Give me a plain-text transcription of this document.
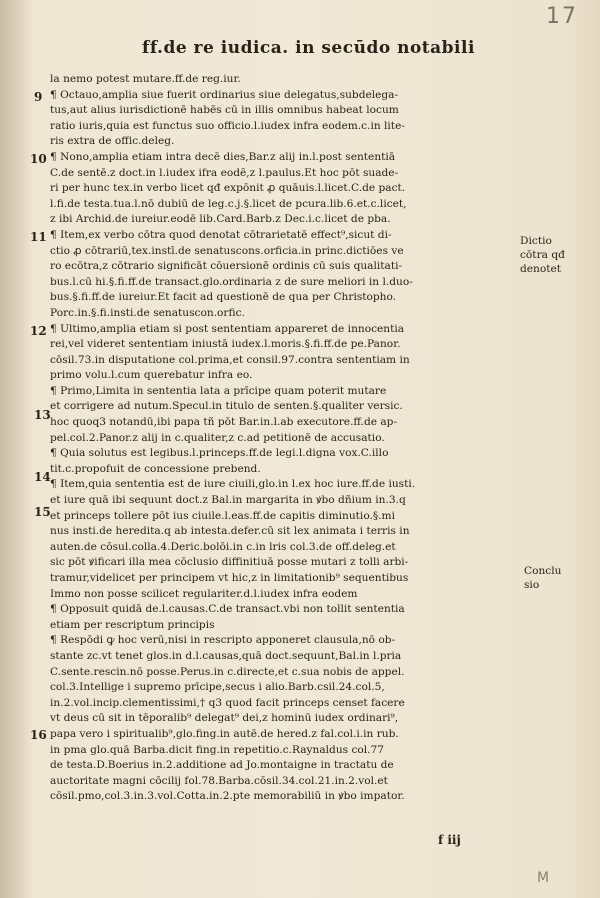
17
ff.de re iudica. in secūdo notabili
la nemo potest mutare.ff.de reg.iur.
¶ Octauo,amplia siue fuerit ordinarius siue delegatus,subdelega-
tus,aut alius iurisdictionē habēs cū in illis omnibus habeat locum
ratio iuris,quia est functus suo officio.l.iudex infra eodem.c.in lite-
ris extra de offic.deleg.
¶ Nono,amplia etiam intra decē dies,Bar.z alij in.l.post sententiā
C.de sentē.z doct.in l.iudex ifra eodē,z l.paulus.Et hoc pōt suade-
ri per hunc tex.in verbo licet qđ expōnit ꝓ quāuis.l.licet.C.de pact.
l.fi.de testa.tua.l.nō dubiū de leg.c.j.§.licet de pcura.lib.6.et.c.licet,
z ibi Archid.de iureiur.eodē lib.Card.Barb.z Dec.i.c.licet de pba.
¶ Item,ex verbo cōtra quod denotat cōtrarietatē effect⁹,sicut di-
ctio ꝓ cōtrariū,tex.instī.de senatuscons.orficia.in princ.dictiōes ve
ro ecōtra,z cōtrario significāt cōuersionē ordinis cū suis qualitati-
bus.l.cū hi.§.fi.ff.de transact.glo.ordinaria z de sure meliori in l.duo-
bus.§.fi.ff.de iureiur.Et facit ad questionē de qua per Christopho.
Porc.in.§.fi.insti.de senatuscon.orfic.
¶ Ultimo,amplia etiam si post sententiam appareret de innocentia
rei,vel videret sententiam iniustā iudex.l.moris.§.fi.ff.de pe.Panor.
cōsil.73.in disputatione col.prima,et consil.97.contra sententiam in
primo volu.l.cum querebatur infra eo.
¶ Primo,Limita in sententia lata a prīcipe quam poterit mutare
et corrigere ad nutum.Specul.in titulo de senten.§.qualiter versic.
hoc quoq3 notandū,ibi papa tñ pōt Bar.in.l.ab executore.ff.de ap-
pel.col.2.Panor.z alij in c.qualiter,z c.ad petitionē de accusatio.
¶ Quia solutus est legibus.l.princeps.ff.de legi.l.digna vox.C.illo
tit.c.propofuit de concessione prebend.
¶ Item,quia sententia est de iure ciuili,glo.in l.ex hoc iure.ff.de iusti.
et iure quā ibi sequunt doct.z Bal.in margarita in ꝟbo dñium in.3.q
et princeps tollere pōt ius ciuile.l.eas.ff.de capitis diminutio.§.mi
nus insti.de heredita.q ab intesta.defer.cū sit lex animata i terris in
auten.de cōsul.colla.4.Deric.bolōi.in c.in lris col.3.de off.deleg.et
sic pōt ꝟificari illa mea cōclusio diffinitiuā posse mutari z tolli arbi-
tramur,videlicet per principem vt hic,z in limitationib⁹ sequentibus
Immo non posse scilicet regulariter.d.l.iudex infra eodem
¶ Opposuit quidā de.l.causas.C.de transact.vbi non tollit sententia
etiam per rescriptum principis
¶ Respōdi ꝙ hoc verū,nisi in rescripto apponeret clausula,nō ob-
stante zc.vt tenet glos.in d.l.causas,quā doct.sequunt,Bal.in l.pria
C.sente.rescin.nō posse.Perus.in c.directe,et c.sua nobis de appel.
col.3.Intellige i supremo prīcipe,secus i alio.Barb.csil.24.col.5,
in.2.vol.incip.clementissimi,† q3 quod facit princeps censet facere
vt deus cū sit in tēporalib⁹ delegat⁹ dei,z hominū iudex ordinari⁹,
papa vero i spiritualib⁹,glo.fing.in autē.de hered.z fal.col.i.in rub.
in pma glo.quā Barba.dicit fing.in repetitio.c.Raynaldus col.77
de testa.D.Boerius in.2.additione ad Jo.montaigne in tractatu de
auctoritate magni cōcilij fol.78.Barba.cōsil.34.col.21.in.2.vol.et
cōsil.pmo,col.3.in.3.vol.Cotta.in.2.pte memorabiliū in ꝟbo impator.
9
10
11
12
13
14
15
16
Dictio
cōtra qđ
denotet
Conclu
sio
f iij
M
